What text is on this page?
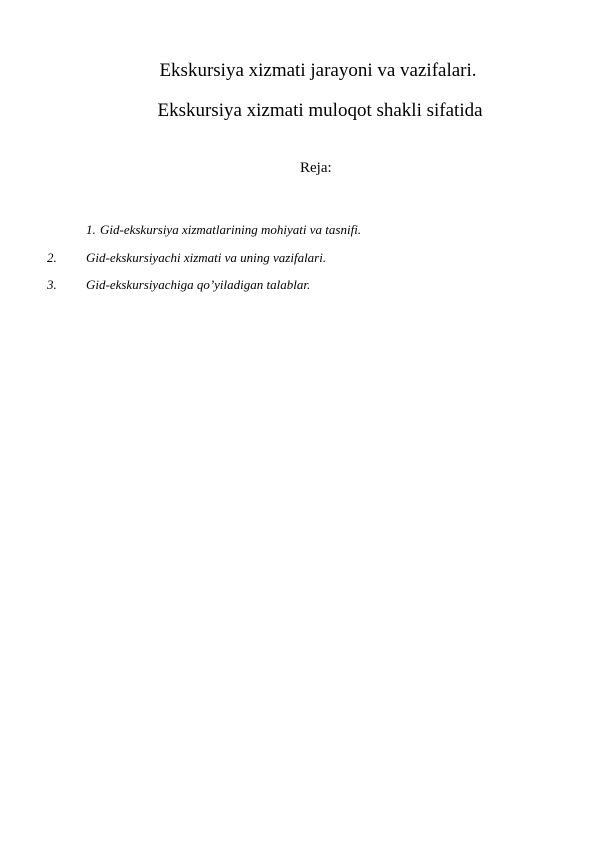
Ekskursiya xizmati jarayoni va vazifalari.
Ekskursiya xizmati muloqot shakli sifatida
Reja:
1. Gid-ekskursiya xizmatlarining mohiyati va tasnifi.
2. Gid-ekskursiyachi xizmati va uning vazifalari.
3. Gid-ekskursiyachiga qo’yiladigan talablar.
